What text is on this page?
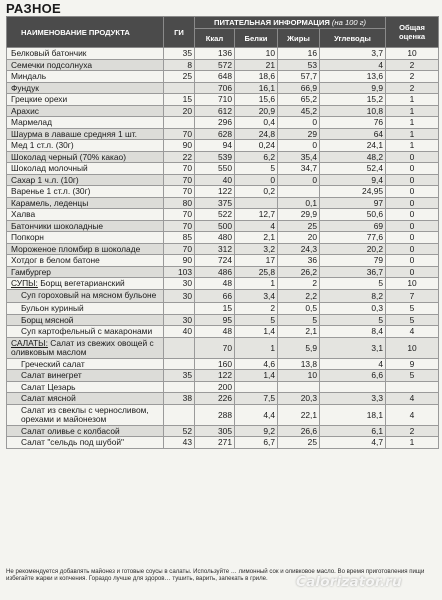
РАЗНОЕ
НАИМЕНОВАНИЕ ПРОДУКТА	ГИ	ПИТАТЕЛЬНАЯ ИНФОРМАЦИЯ (на 100 г)				Общая
оценка
		Ккал	Белки	Жиры	Углеводы	
Белковый батончик	35	136	10	16	3,7	10
Семечки подсолнуха	8	572	21	53	4	2
Миндаль	25	648	18,6	57,7	13,6	2
Фундук		706	16,1	66,9	9,9	2
Грецкие орехи	15	710	15,6	65,2	15,2	1
Арахис	20	612	20,9	45,2	10,8	1
Мармелад		296	0,4	0	76	1
Шаурма в лаваше средняя 1 шт.	70	628	24,8	29	64	1
Мед 1 ст.л. (30г)	90	94	0,24	0	24,1	1
Шоколад черный (70% какао)	22	539	6,2	35,4	48,2	0
Шоколад молочный	70	550	5	34,7	52,4	0
Сахар 1 ч.л. (10г)	70	40	0	0	9,4	0
Варенье 1 ст.л. (30г)	70	122	0,2		24,95	0
Карамель, леденцы	80	375		0,1	97	0
Халва	70	522	12,7	29,9	50,6	0
Батончики шоколадные	70	500	4	25	69	0
Попкорн	85	480	2,1	20	77,6	0
Мороженое пломбир в шоколаде	70	312	3,2	24,3	20,2	0
Хотдог в белом батоне	90	724	17	36	79	0
Гамбургер	103	486	25,8	26,2	36,7	0
СУПЫ: Борщ вегетарианский	30	48	1	2	5	10
Суп гороховый на мясном бульоне	30	66	3,4	2,2	8,2	7
Бульон куриный		15	2	0,5	0,3	5
Борщ мясной	30	95	5	5	5	5
Суп картофельный с макаронами	40	48	1,4	2,1	8,4	4
САЛАТЫ: Салат из свежих овощей с оливковым маслом		70	1	5,9	3,1	10
Греческий салат		160	4,6	13,8	4	9
Салат винегрет	35	122	1,4	10	6,6	5
Салат Цезарь		200				
Салат мясной	38	226	7,5	20,3	3,3	4
Салат из свеклы с черносливом, орехами и майонезом		288	4,4	22,1	18,1	4
Салат оливье с колбасой	52	305	9,2	26,6	6,1	2
Салат "сельдь под шубой"	43	271	6,7	25	4,7	1
Не рекомендуется добавлять майонез и готовые соусы в салаты. Используйте … лимонный сок и оливковое масло. Во время приготовления пищи избегайте жарки и копчения. Гораздо лучше для здоров… тушить, варить, запекать в гриле.	Calorizator.ru
